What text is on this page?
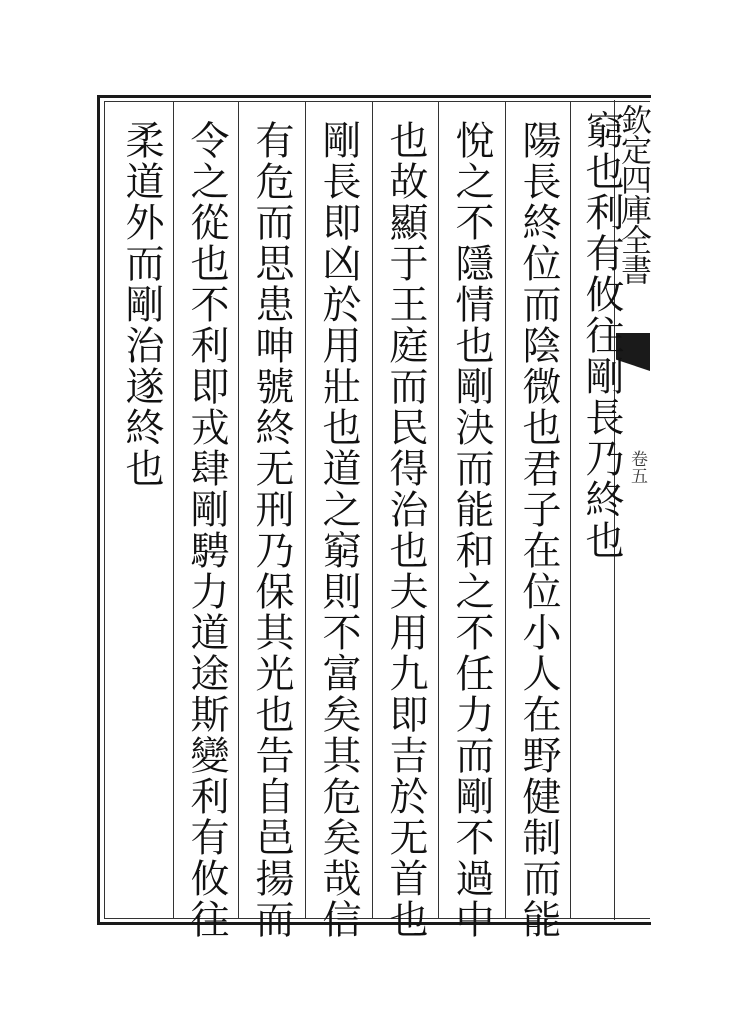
欽定四庫全書
卷五
窮也利有攸往剛長乃終也
陽長終位而陰微也君子在位小人在野健制而能
悅之不隱情也剛決而能和之不任力而剛不過中
也故顯于王庭而民得治也夫用九即吉於无首也
剛長即凶於用壯也道之窮則不富矣其危矣哉信
有危而思患呻號終无刑乃保其光也告自邑揚而
令之從也不利即戎肆剛騁力道途斯變利有攸往
柔道外而剛治遂終也
